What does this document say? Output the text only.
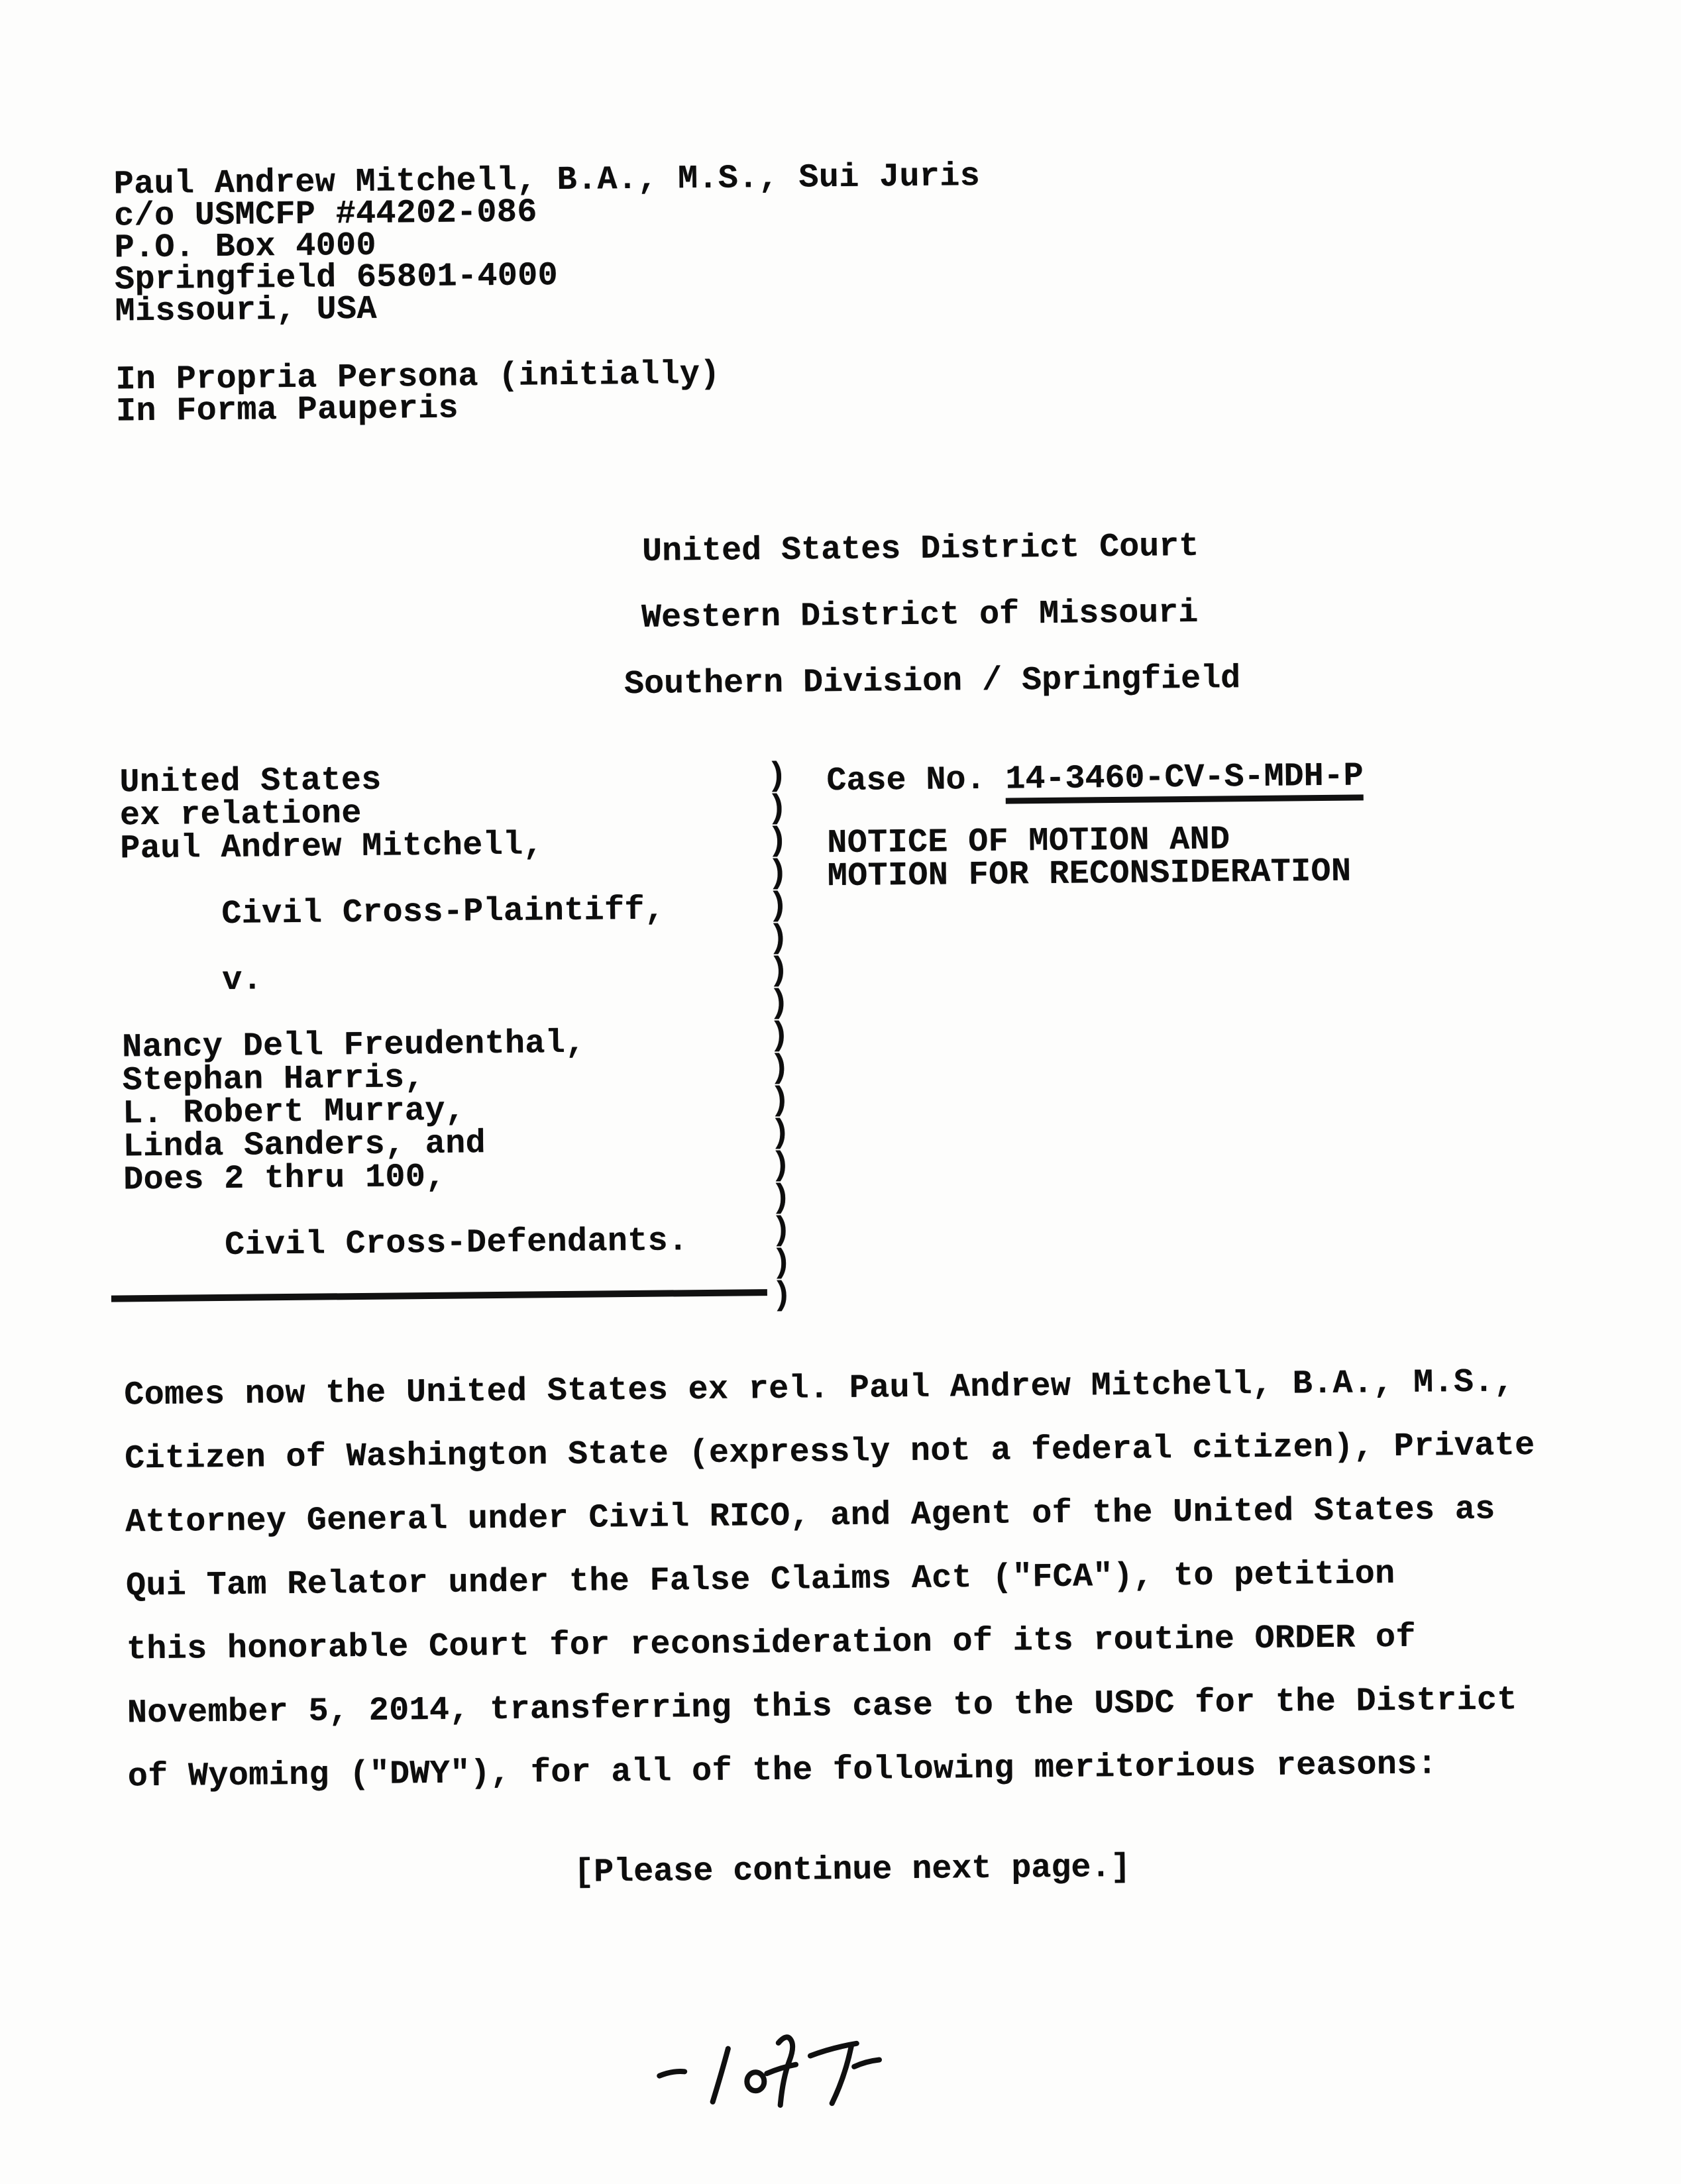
Paul Andrew Mitchell, B.A., M.S., Sui Juris
c/o USMCFP #44202-086
P.O. Box 4000
Springfield 65801-4000
Missouri, USA
In Propria Persona (initially)
In Forma Pauperis
United States District Court
Western District of Missouri
Southern Division / Springfield
United States
ex relatione
Paul Andrew Mitchell,

Civil Cross-Plaintiff,

v.

Nancy Dell Freudenthal,
Stephan Harris,
L. Robert Murray,
Linda Sanders, and
Does 2 thru 100,

Civil Cross-Defendants.
)
)
)
)
)
)
)
)
)
)
)
)
)
)
)
)
)
Case No. 14-3460-CV-S-MDH-P
NOTICE OF MOTION AND
MOTION FOR RECONSIDERATION
Comes now the United States ex rel. Paul Andrew Mitchell, B.A., M.S.,
Citizen of Washington State (expressly not a federal citizen), Private
Attorney General under Civil RICO, and Agent of the United States as
Qui Tam Relator under the False Claims Act ("FCA"), to petition
this honorable Court for reconsideration of its routine ORDER of
November 5, 2014, transferring this case to the USDC for the District
of Wyoming ("DWY"), for all of the following meritorious reasons:
[Please continue next page.]
